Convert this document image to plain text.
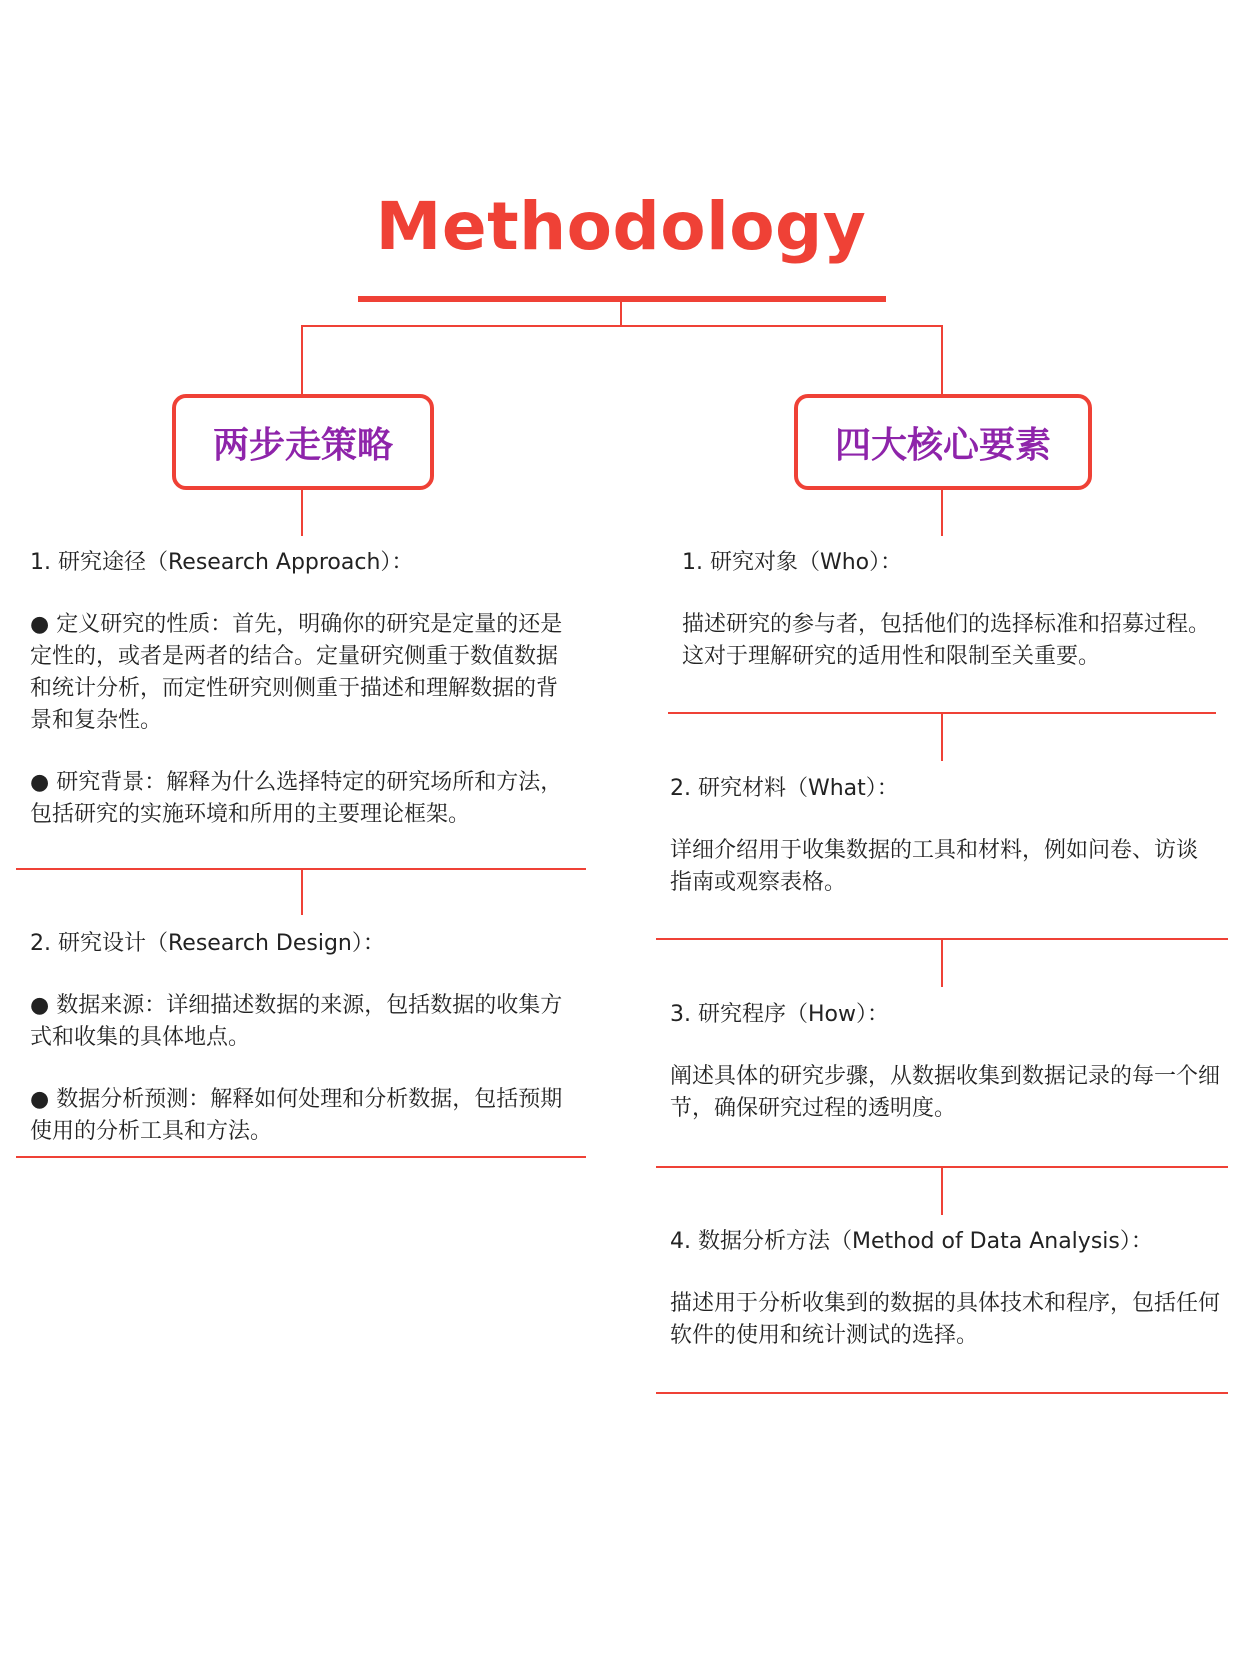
Methodology
两步走策略	四大核心要素

1. 研究途径（Research Approach）：

● 定义研究的性质：首先，明确你的研究是定量的还是定性的，或者是两者的结合。定量研究侧重于数值数据和统计分析，而定性研究则侧重于描述和理解数据的背景和复杂性。

● 研究背景：解释为什么选择特定的研究场所和方法，包括研究的实施环境和所用的主要理论框架。

2. 研究设计（Research Design）：

● 数据来源：详细描述数据的来源，包括数据的收集方式和收集的具体地点。

● 数据分析预测：解释如何处理和分析数据，包括预期使用的分析工具和方法。

1. 研究对象（Who）：

描述研究的参与者，包括他们的选择标准和招募过程。这对于理解研究的适用性和限制至关重要。

2. 研究材料（What）：

详细介绍用于收集数据的工具和材料，例如问卷、访谈指南或观察表格。

3. 研究程序（How）：

阐述具体的研究步骤，从数据收集到数据记录的每一个细节，确保研究过程的透明度。

4. 数据分析方法（Method of Data Analysis）：

描述用于分析收集到的数据的具体技术和程序，包括任何软件的使用和统计测试的选择。
